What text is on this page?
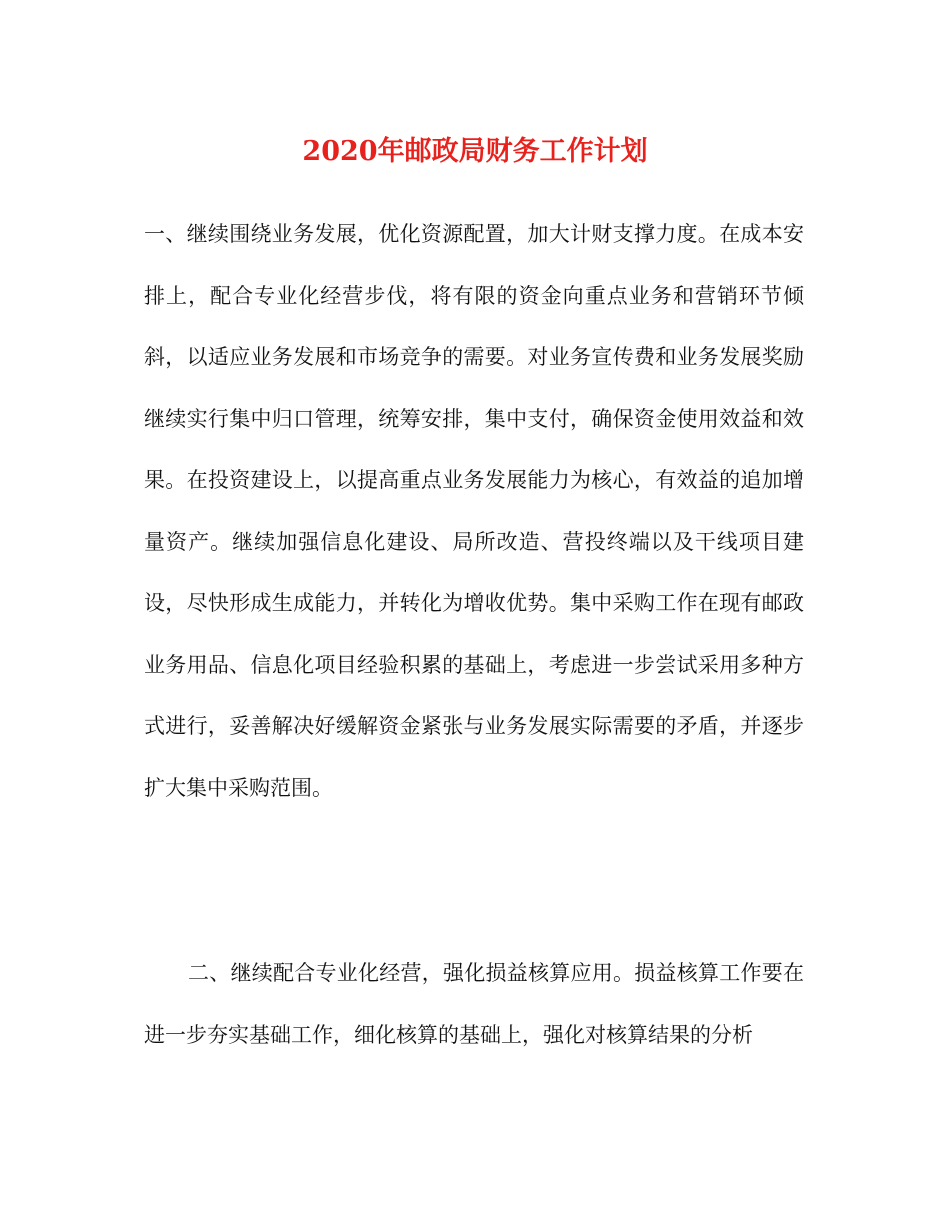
2020年邮政局财务工作计划

一、继续围绕业务发展，优化资源配置，加大计财支撑力度。在成本安排上，配合专业化经营步伐，将有限的资金向重点业务和营销环节倾斜，以适应业务发展和市场竞争的需要。对业务宣传费和业务发展奖励继续实行集中归口管理，统筹安排，集中支付，确保资金使用效益和效果。在投资建设上，以提高重点业务发展能力为核心，有效益的追加增量资产。继续加强信息化建设、局所改造、营投终端以及干线项目建设，尽快形成生成能力，并转化为增收优势。集中采购工作在现有邮政业务用品、信息化项目经验积累的基础上，考虑进一步尝试采用多种方式进行，妥善解决好缓解资金紧张与业务发展实际需要的矛盾，并逐步扩大集中采购范围。

二、继续配合专业化经营，强化损益核算应用。损益核算工作要在进一步夯实基础工作，细化核算的基础上，强化对核算结果的分析
